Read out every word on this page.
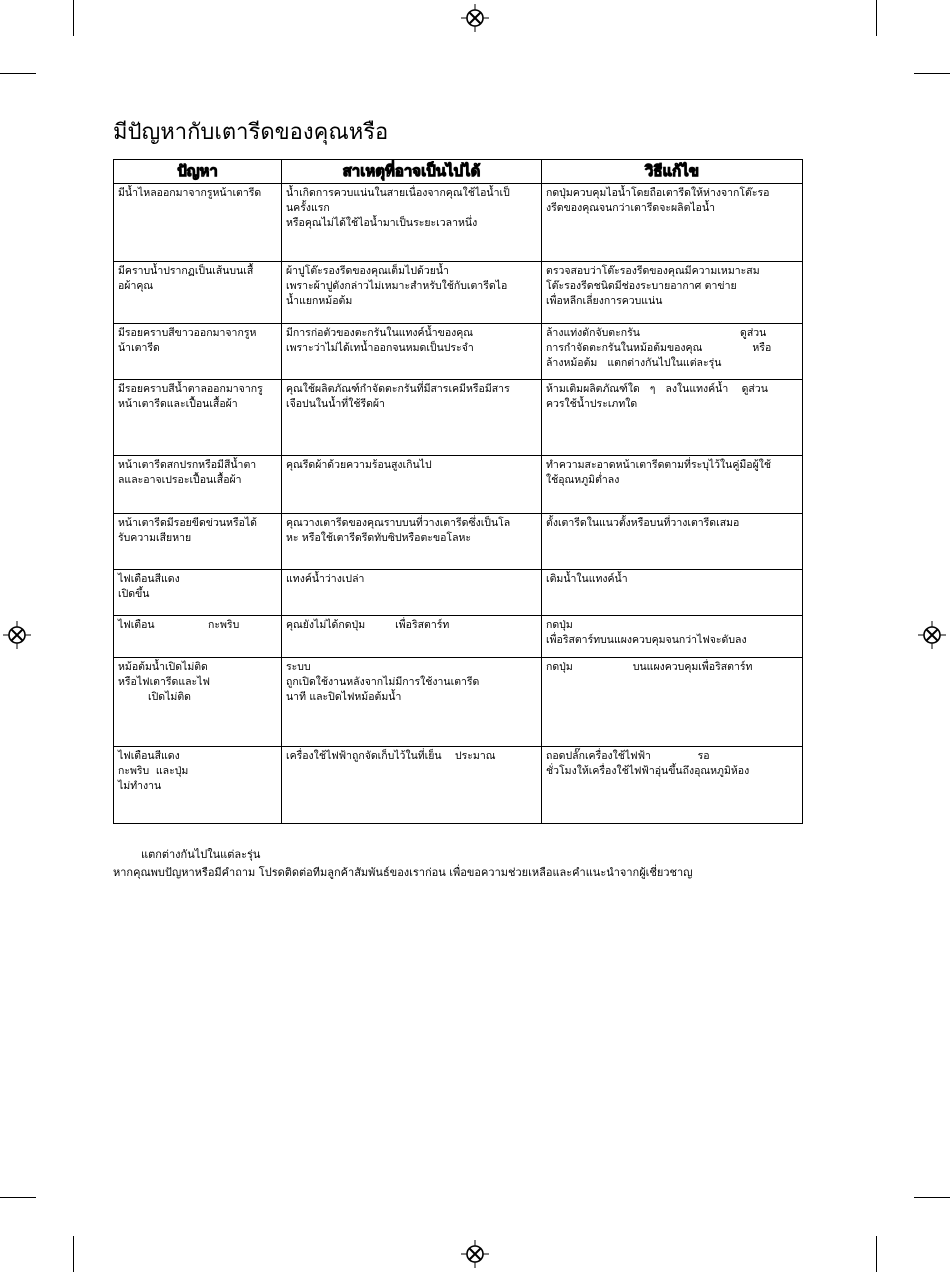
มีปัญหากับเตารีดของคุณหรือ
ปัญหา	สาเหตุที่อาจเป็นไปได้	วิธีแก้ไข

มีน้ำไหลออกมาจากรูหน้าเตารีด	น้ำเกิดการควบแน่นในสายเนื่องจากคุณใช้ไอน้ำเป็
นครั้งแรก
หรือคุณไม่ได้ใช้ไอน้ำมาเป็นระยะเวลาหนึ่ง	กดปุ่มควบคุมไอน้ำโดยถือเตารีดให้ห่างจากโต๊ะรอ
งรีดของคุณจนกว่าเตารีดจะผลิตไอน้ำ

มีคราบน้ำปรากฏเป็นเส้นบนเสื้
อผ้าคุณ	ผ้าปูโต๊ะรองรีดของคุณเต็มไปด้วยน้ำ
เพราะผ้าปูดังกล่าวไม่เหมาะสำหรับใช้กับเตารีดไอ
น้ำแยกหม้อต้ม	ตรวจสอบว่าโต๊ะรองรีดของคุณมีความเหมาะสม
โต๊ะรองรีดชนิดมีช่องระบายอากาศ ตาข่าย
เพื่อหลีกเลี่ยงการควบแน่น

มีรอยคราบสีขาวออกมาจากรูห
น้าเตารีด	มีการก่อตัวของตะกรันในแทงค์น้ำของคุณ
เพราะว่าไม่ได้เทน้ำออกจนหมดเป็นประจำ	ล้างแท่งดักจับตะกรัน                              ดูส่วน
การกำจัดตะกรันในหม้อต้มของคุณ               หรือ
ล้างหม้อต้ม   แตกต่างกันไปในแต่ละรุ่น

มีรอยคราบสีน้ำตาลออกมาจากรู
หน้าเตารีดและเปื้อนเสื้อผ้า	คุณใช้ผลิตภัณฑ์กำจัดตะกรันที่มีสารเคมีหรือมีสาร
เจือปนในน้ำที่ใช้รีดผ้า	ห้ามเติมผลิตภัณฑ์ใด   ๆ   ลงในแทงค์น้ำ    ดูส่วน
ควรใช้น้ำประเภทใด

หน้าเตารีดสกปรกหรือมีสีน้ำตา
ลและอาจเปรอะเปื้อนเสื้อผ้า	คุณรีดผ้าด้วยความร้อนสูงเกินไป	ทำความสะอาดหน้าเตารีดตามที่ระบุไว้ในคู่มือผู้ใช้
ใช้อุณหภูมิต่ำลง

หน้าเตารีดมีรอยขีดข่วนหรือได้
รับความเสียหาย	คุณวางเตารีดของคุณราบบนที่วางเตารีดซึ่งเป็นโล
หะ หรือใช้เตารีดรีดทับซิปหรือตะขอโลหะ	ตั้งเตารีดในแนวตั้งหรือบนที่วางเตารีดเสมอ

ไฟเตือนสีแดง
เปิดขึ้น	แทงค์น้ำว่างเปล่า	เติมน้ำในแทงค์น้ำ

ไฟเตือน                กะพริบ	คุณยังไม่ได้กดปุ่ม         เพื่อริสตาร์ท	กดปุ่ม
เพื่อริสตาร์ทบนแผงควบคุมจนกว่าไฟจะดับลง

หม้อต้มน้ำเปิดไม่ติด
หรือไฟเตารีดและไฟ
เปิดไม่ติด	ระบบ
ถูกเปิดใช้งานหลังจากไม่มีการใช้งานเตารีด
นาที และปิดไฟหม้อต้มน้ำ	กดปุ่ม                  บนแผงควบคุมเพื่อริสตาร์ท

ไฟเตือนสีแดง
กะพริบ  และปุ่ม
ไม่ทำงาน	เครื่องใช้ไฟฟ้าถูกจัดเก็บไว้ในที่เย็น    ประมาณ	ถอดปลั๊กเครื่องใช้ไฟฟ้า              รอ
ชั่วโมงให้เครื่องใช้ไฟฟ้าอุ่นขึ้นถึงอุณหภูมิห้อง
แตกต่างกันไปในแต่ละรุ่น
หากคุณพบปัญหาหรือมีคำถาม โปรดติดต่อทีมลูกค้าสัมพันธ์ของเราก่อน เพื่อขอความช่วยเหลือและคำแนะนำจากผู้เชี่ยวชาญ
